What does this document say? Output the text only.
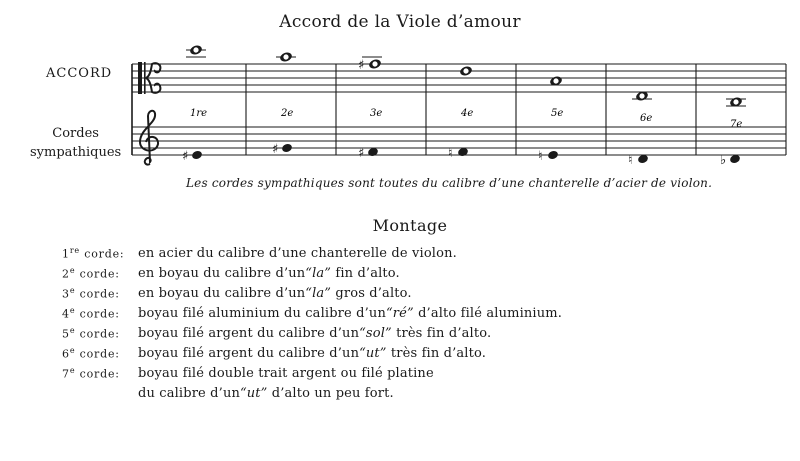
Accord de la Viole d’amour
ACCORD
Cordes
sympathiques
♯
♯	♯	♯	♮	♮	♮	♭
1re	2e	3e	4e	5e	6e
7e
Les cordes sympathiques sont toutes du calibre d’une chanterelle d’acier de violon.
Montage
1re corde: en acier du calibre d’une chanterelle de violon.
2e corde: en boyau du calibre d’un“la” fin d’alto.
3e corde: en boyau du calibre d’un“la” gros d’alto.
4e corde: boyau filé aluminium du calibre d’un“ré” d’alto filé aluminium.
5e corde: boyau filé argent du calibre d’un“sol” très fin d’alto.
6e corde: boyau filé argent du calibre d’un“ut” très fin d’alto.
7e corde: boyau filé double trait argent ou filé platine
du calibre d’un“ut” d’alto un peu fort.
